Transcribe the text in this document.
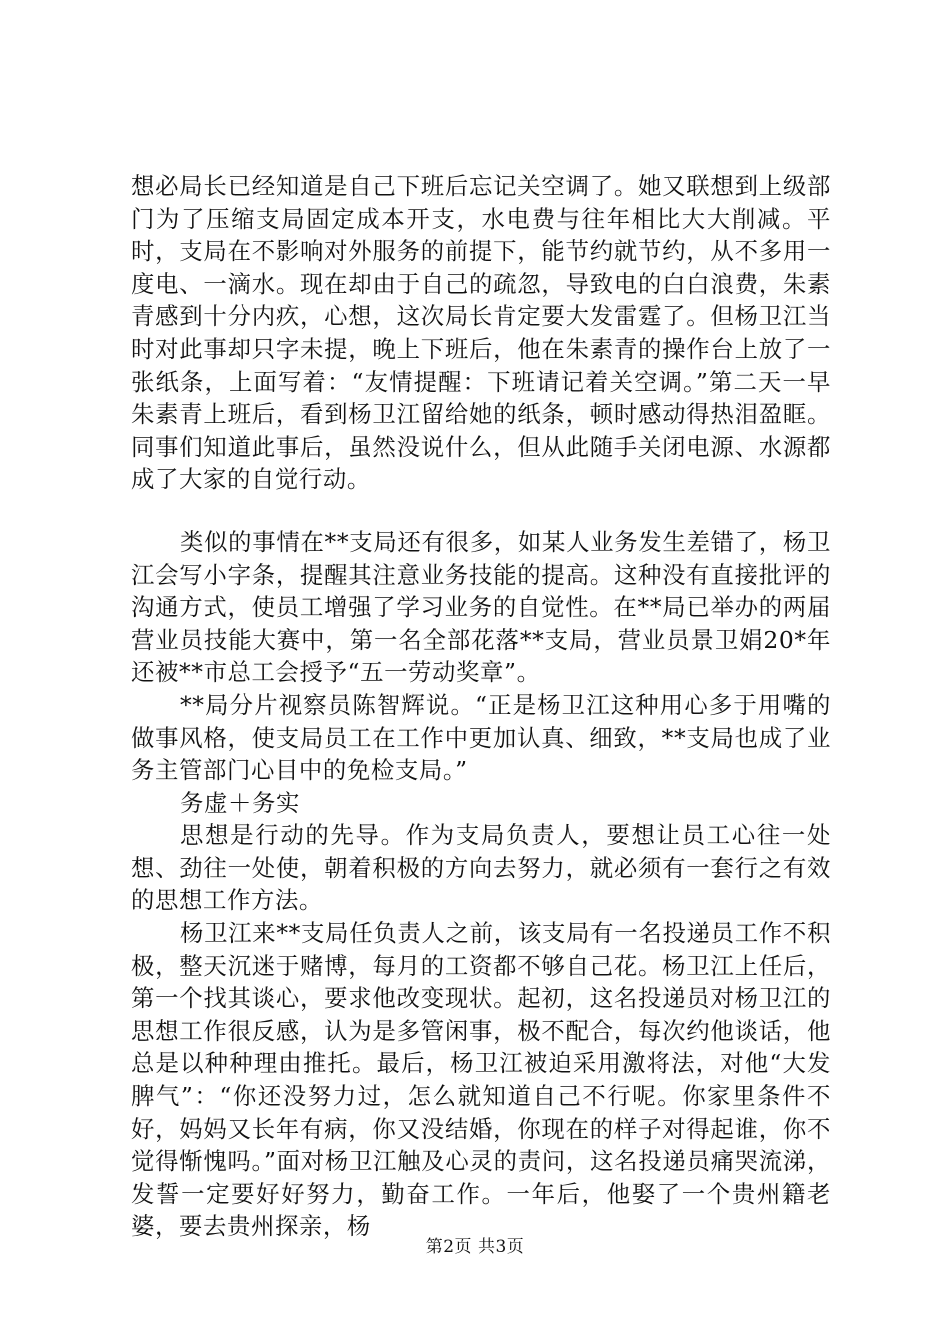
想必局长已经知道是自己下班后忘记关空调了。她又联想到上级部门为了压缩支局固定成本开支，水电费与往年相比大大削减。平时，支局在不影响对外服务的前提下，能节约就节约，从不多用一度电、一滴水。现在却由于自己的疏忽，导致电的白白浪费，朱素青感到十分内疚，心想，这次局长肯定要大发雷霆了。但杨卫江当时对此事却只字未提，晚上下班后，他在朱素青的操作台上放了一张纸条，上面写着：“友情提醒：下班请记着关空调。”第二天一早朱素青上班后，看到杨卫江留给她的纸条，顿时感动得热泪盈眶。同事们知道此事后，虽然没说什么，但从此随手关闭电源、水源都成了大家的自觉行动。

类似的事情在**支局还有很多，如某人业务发生差错了，杨卫江会写小字条，提醒其注意业务技能的提高。这种没有直接批评的沟通方式，使员工增强了学习业务的自觉性。在**局已举办的两届营业员技能大赛中，第一名全部花落**支局，营业员景卫娟20*年还被**市总工会授予“五一劳动奖章”。

**局分片视察员陈智辉说。“正是杨卫江这种用心多于用嘴的做事风格，使支局员工在工作中更加认真、细致，**支局也成了业务主管部门心目中的免检支局。”

务虚＋务实

思想是行动的先导。作为支局负责人，要想让员工心往一处想、劲往一处使，朝着积极的方向去努力，就必须有一套行之有效的思想工作方法。

杨卫江来**支局任负责人之前，该支局有一名投递员工作不积极，整天沉迷于赌博，每月的工资都不够自己花。杨卫江上任后，第一个找其谈心，要求他改变现状。起初，这名投递员对杨卫江的思想工作很反感，认为是多管闲事，极不配合，每次约他谈话，他总是以种种理由推托。最后，杨卫江被迫采用激将法，对他“大发脾气”：“你还没努力过，怎么就知道自己不行呢。你家里条件不好，妈妈又长年有病，你又没结婚，你现在的样子对得起谁，你不觉得惭愧吗。”面对杨卫江触及心灵的责问，这名投递员痛哭流涕，发誓一定要好好努力，勤奋工作。一年后，他娶了一个贵州籍老婆，要去贵州探亲，杨

第2页 共3页
